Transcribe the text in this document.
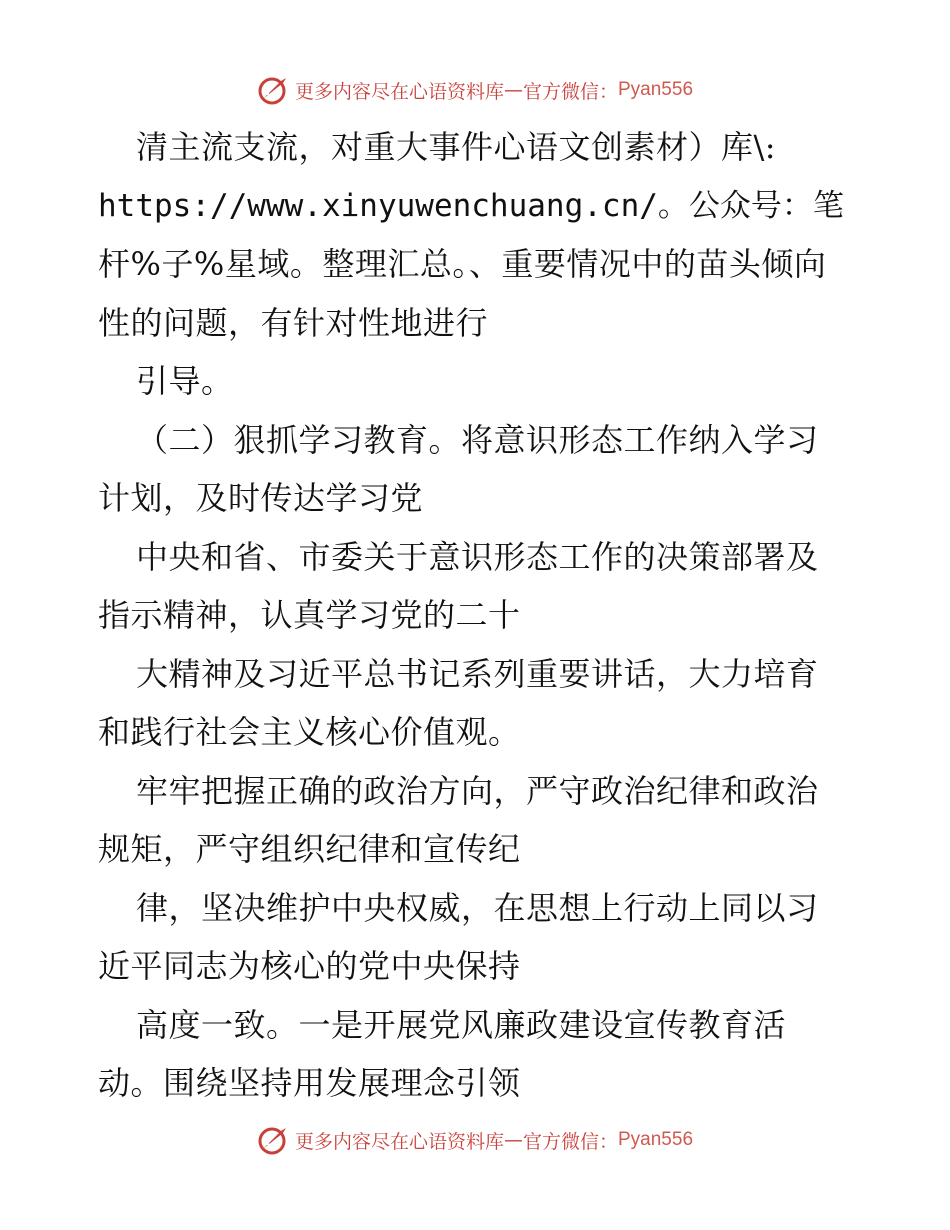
更多内容尽在心语资料库 — 官方微信： Pyan556
清主流支流，对重大事件心语文创素材）库\:
https://www.xinyuwenchuang.cn/。公众号：笔
杆%子%星域。整理汇总。、重要情况中的苗头倾向
性的问题，有针对性地进行
引导。
（二）狠抓学习教育。将意识形态工作纳入学习
计划，及时传达学习党
中央和省、市委关于意识形态工作的决策部署及
指示精神，认真学习党的二十
大精神及习近平总书记系列重要讲话，大力培育
和践行社会主义核心价值观。
牢牢把握正确的政治方向，严守政治纪律和政治
规矩，严守组织纪律和宣传纪
律，坚决维护中央权威，在思想上行动上同以习
近平同志为核心的党中央保持
高度一致。一是开展党风廉政建设宣传教育活
动。围绕坚持用发展理念引领
更多内容尽在心语资料库 — 官方微信： Pyan556
